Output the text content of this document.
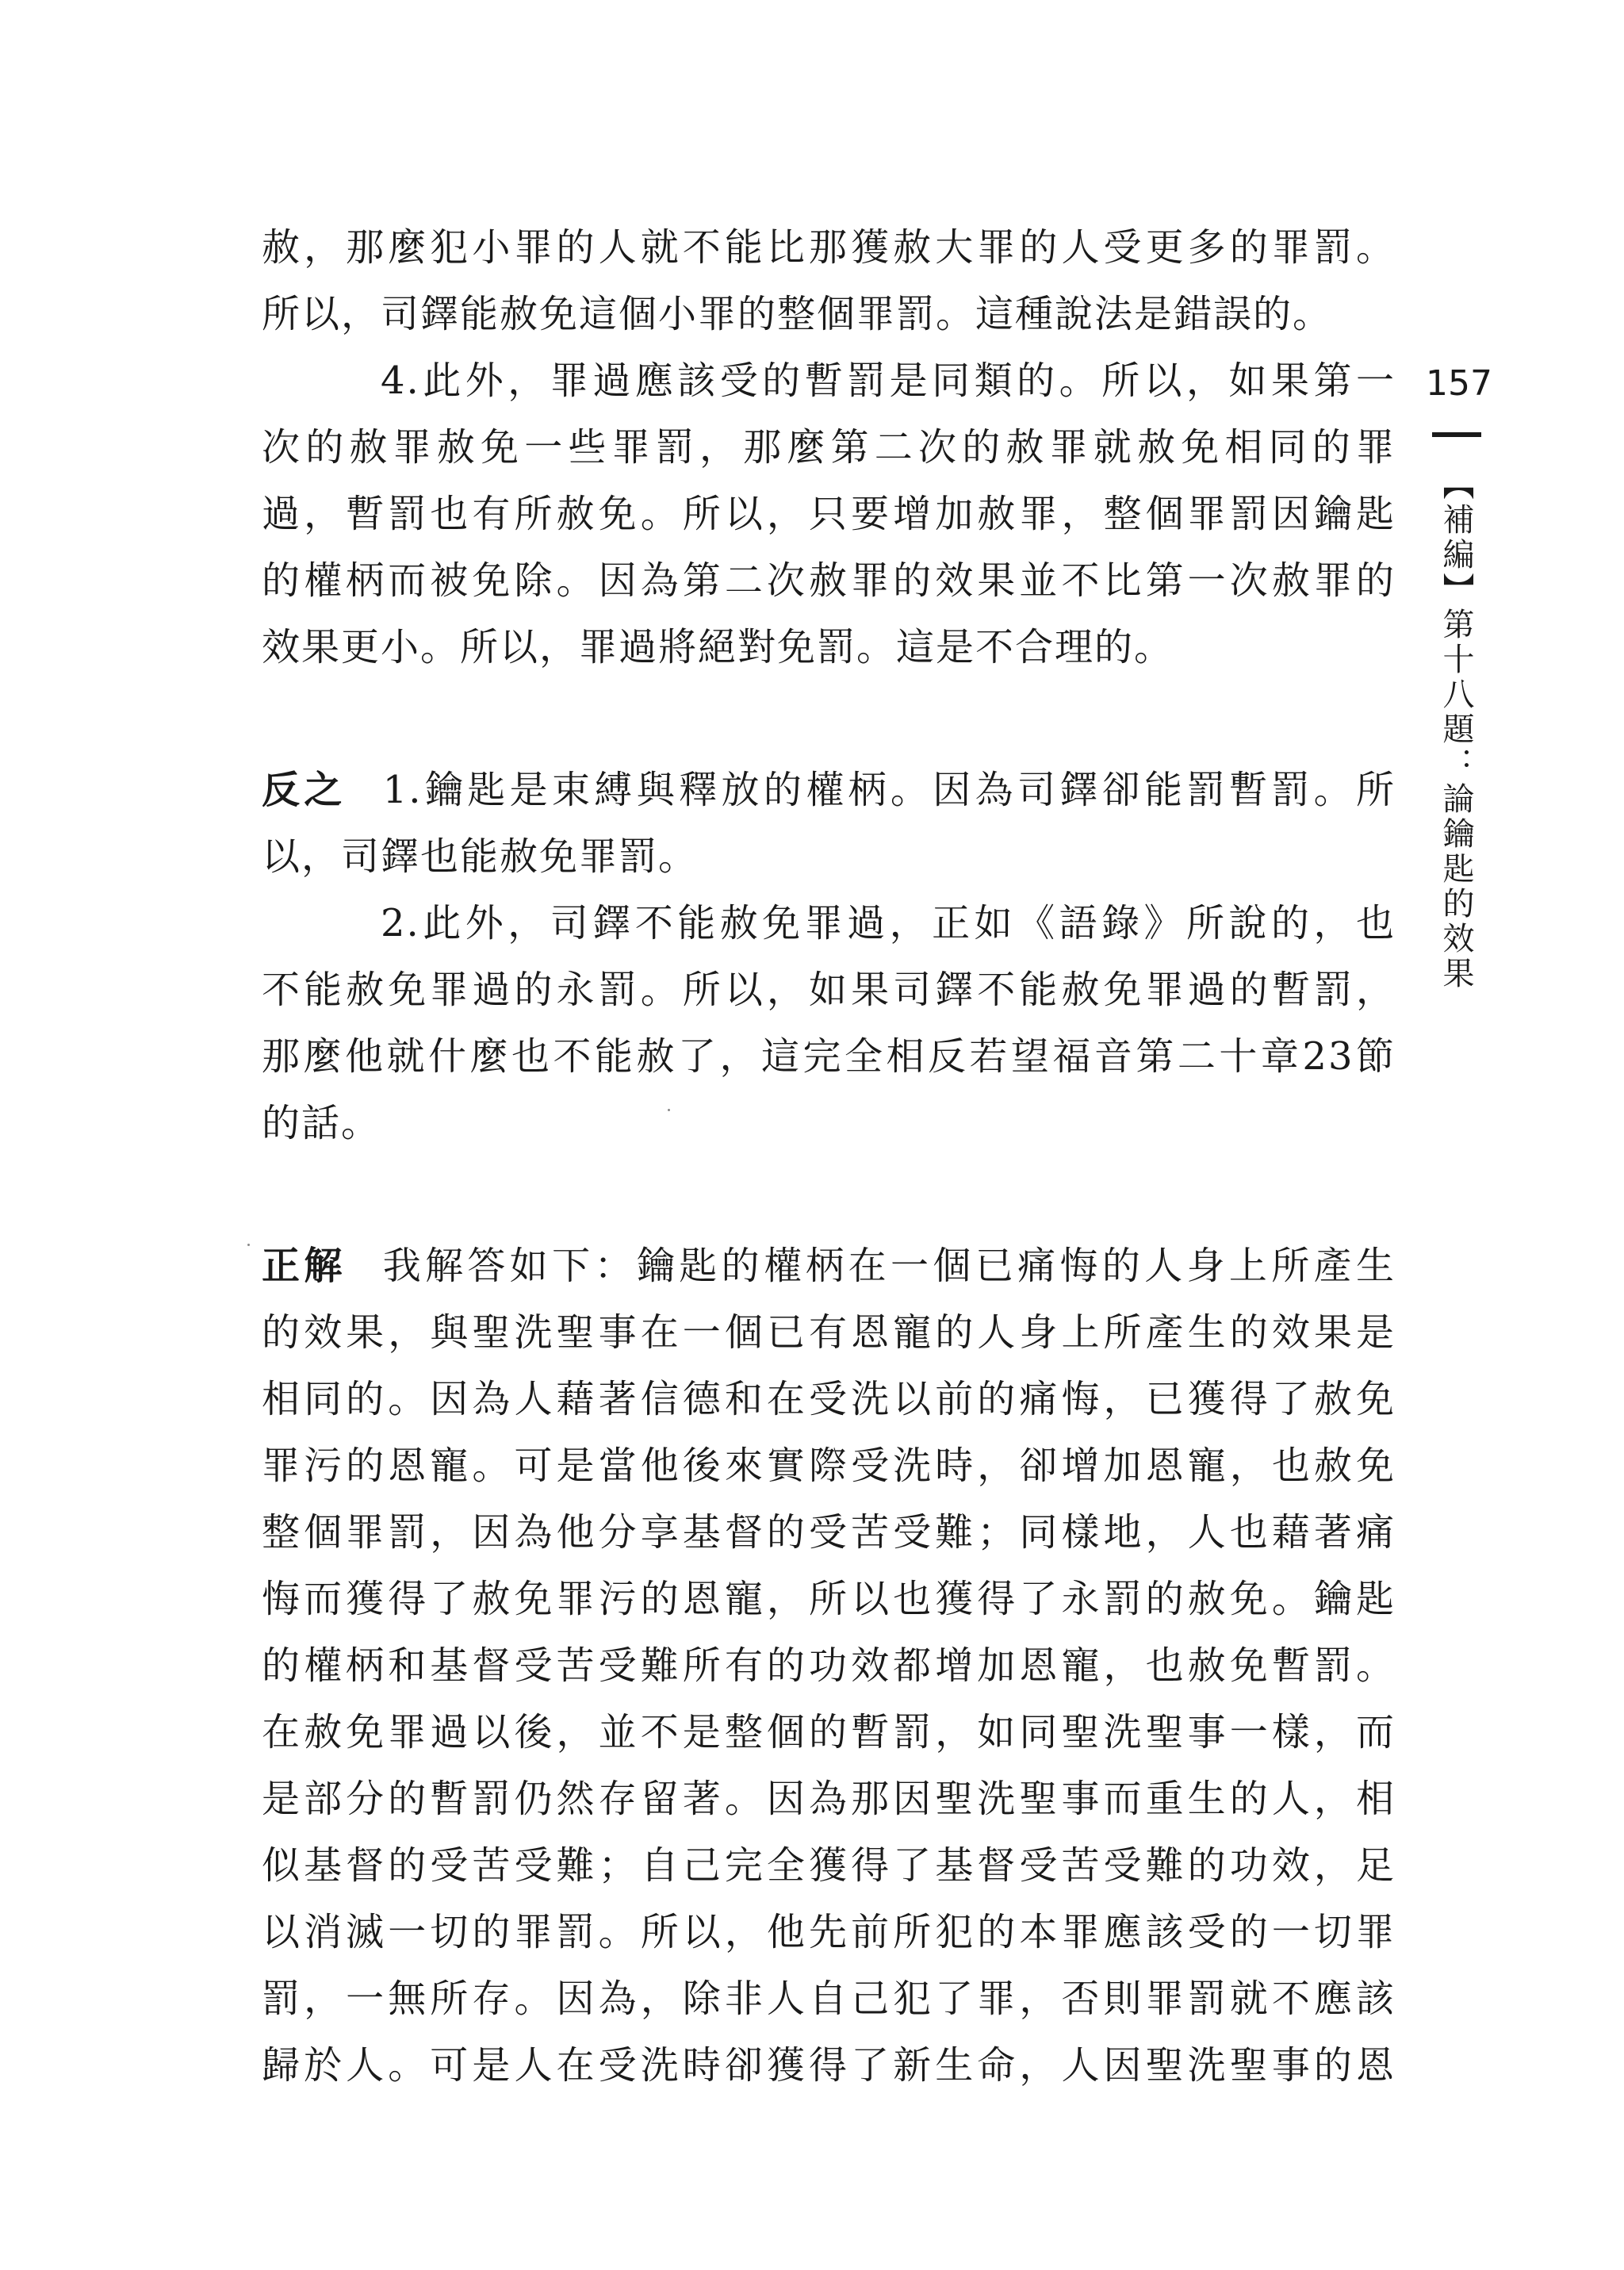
157
【補編】第十八題：論鑰匙的效果
赦，那麼犯小罪的人就不能比那獲赦大罪的人受更多的罪罰。
所以，司鐸能赦免這個小罪的整個罪罰。這種說法是錯誤的。
4.此外，罪過應該受的暫罰是同類的。所以，如果第一
次的赦罪赦免一些罪罰，那麼第二次的赦罪就赦免相同的罪
過，暫罰也有所赦免。所以，只要增加赦罪，整個罪罰因鑰匙
的權柄而被免除。因為第二次赦罪的效果並不比第一次赦罪的
效果更小。所以，罪過將絕對免罰。這是不合理的。
反之 1.鑰匙是束縛與釋放的權柄。因為司鐸卻能罰暫罰。所
以，司鐸也能赦免罪罰。
2.此外，司鐸不能赦免罪過，正如《語錄》所說的，也
不能赦免罪過的永罰。所以，如果司鐸不能赦免罪過的暫罰，
那麼他就什麼也不能赦了，這完全相反若望福音第二十章23節
的話。
正解 我解答如下：鑰匙的權柄在一個已痛悔的人身上所產生
的效果，與聖洗聖事在一個已有恩寵的人身上所產生的效果是
相同的。因為人藉著信德和在受洗以前的痛悔，已獲得了赦免
罪污的恩寵。可是當他後來實際受洗時，卻增加恩寵，也赦免
整個罪罰，因為他分享基督的受苦受難；同樣地，人也藉著痛
悔而獲得了赦免罪污的恩寵，所以也獲得了永罰的赦免。鑰匙
的權柄和基督受苦受難所有的功效都增加恩寵，也赦免暫罰。
在赦免罪過以後，並不是整個的暫罰，如同聖洗聖事一樣，而
是部分的暫罰仍然存留著。因為那因聖洗聖事而重生的人，相
似基督的受苦受難；自己完全獲得了基督受苦受難的功效，足
以消滅一切的罪罰。所以，他先前所犯的本罪應該受的一切罪
罰，一無所存。因為，除非人自己犯了罪，否則罪罰就不應該
歸於人。可是人在受洗時卻獲得了新生命，人因聖洗聖事的恩
